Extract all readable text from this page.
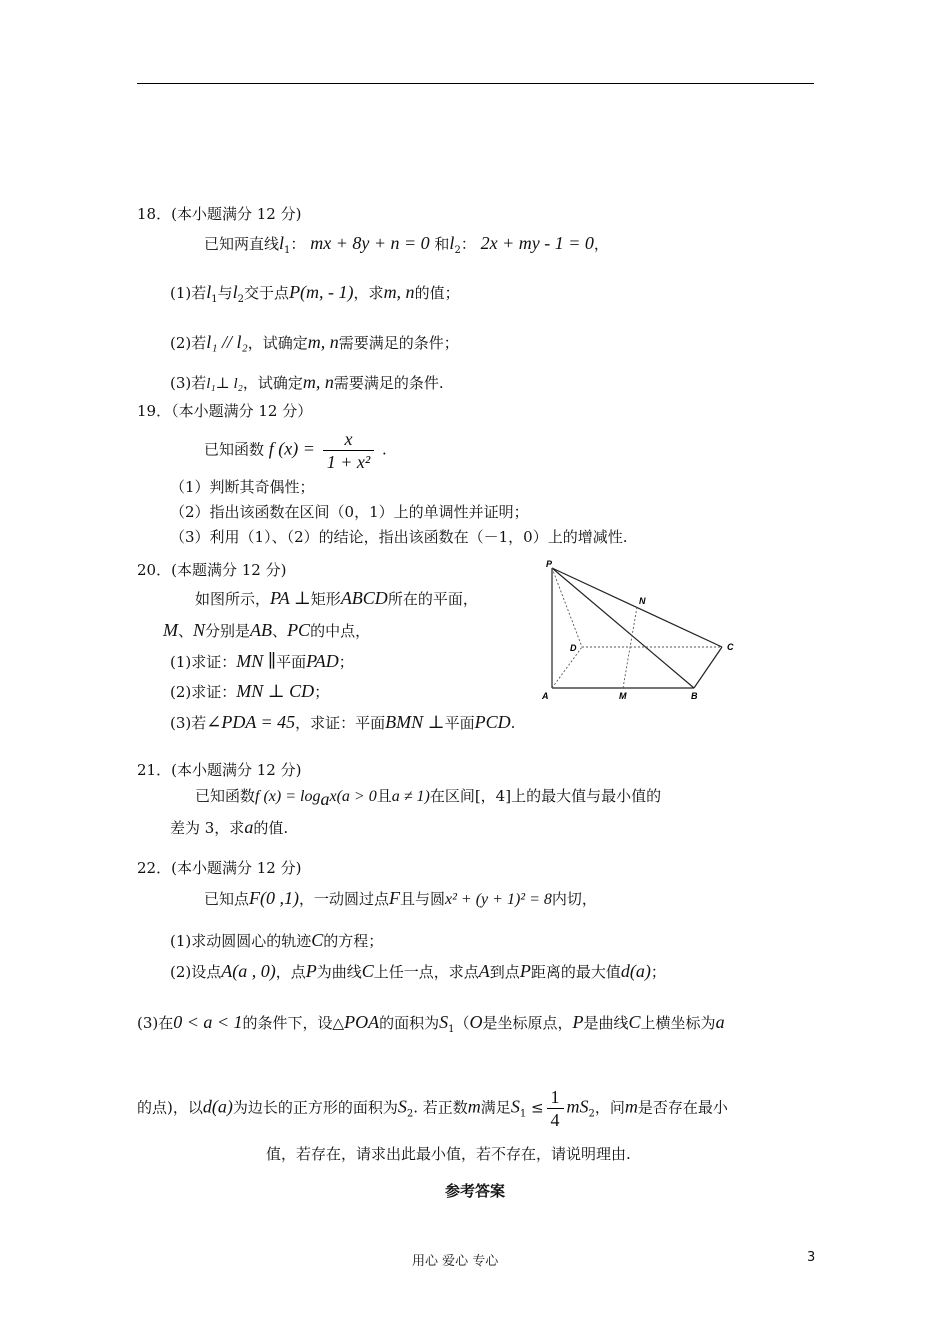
18．(本小题满分 12 分)
已知两直线$l_1$： mx + 8y + n = 0 和$l_2$： 2x + my - 1 = 0，
(1)若$l_1$与$l_2$交于点P(m, - 1)，求m, n的值；
(2)若l₁ // l₂，试确定m, n需要满足的条件；
(3)若l₁⊥ l₂，试确定m, n需要满足的条件.
19．（本小题满分 12 分）
已知函数 f $(x) = \frac{x}{\text{1 + x²}}$ .
（1）判断其奇偶性；
（2）指出该函数在区间（0，1）上的单调性并证明；
（3）利用（1）、（2）的结论，指出该函数在（－1，0）上的增减性.
20．(本题满分 12 分)
如图所示，PA ⊥矩形ABCD所在的平面，
M、N分别是AB、PC的中点，
(1)求证：MN ∥平面PAD；
(2)求证：MN ⊥ CD；
(3)若∠PDA = 45，求证：平面BMN ⊥平面PCD.
P
N
D	C
A	M	B
21．(本小题满分 12 分)
已知函数f $(x) = \log_ax(a > 0$且a ≠ 1)在区间[，4]上的最大值与最小值的
差为 3，求a的值.
22．(本小题满分 12 分)
已知点F(0 ,1)，一动圆过点F且与圆x² + (y + 1)² = 8内切，
(1)求动圆圆心的轨迹C的方程；
(2)设点A(a , 0)，点P为曲线C上任一点，求点A到点P距离的最大值d(a)；
(3)在0 < a < 1的条件下，设△POA的面积为$S_1(O$是坐标原点，P是曲线C上横坐标为a
的点)，以d(a)为边长的正方形的面积为$S_2$. 若正数m满足$S_1 \le \frac{1}{4} mS_2$，问m是否存在最小
值，若存在，请求出此最小值，若不存在，请说明理由.
参考答案
用心 爱心 专心	3
